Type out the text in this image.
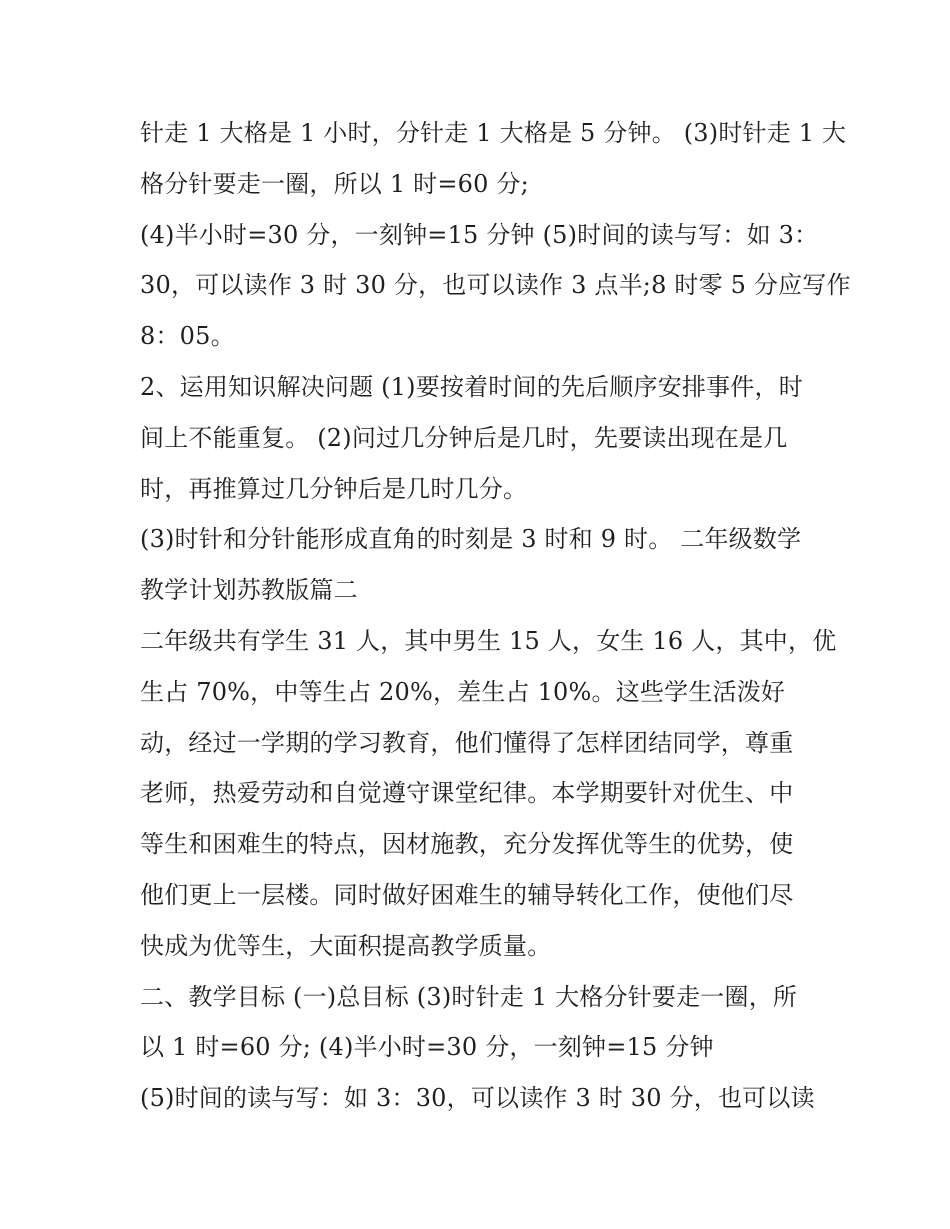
针走 1 大格是 1 小时，分针走 1 大格是 5 分钟。 (3)时针走 1 大
格分针要走一圈，所以 1 时=60 分;
(4)半小时=30 分，一刻钟=15 分钟 (5)时间的读与写：如 3：
30，可以读作 3 时 30 分，也可以读作 3 点半;8 时零 5 分应写作
8：05。
2、运用知识解决问题 (1)要按着时间的先后顺序安排事件，时
间上不能重复。 (2)问过几分钟后是几时，先要读出现在是几
时，再推算过几分钟后是几时几分。
(3)时针和分针能形成直角的时刻是 3 时和 9 时。 二年级数学
教学计划苏教版篇二
二年级共有学生 31 人，其中男生 15 人，女生 16 人，其中，优
生占 70%，中等生占 20%，差生占 10%。这些学生活泼好
动，经过一学期的学习教育，他们懂得了怎样团结同学，尊重
老师，热爱劳动和自觉遵守课堂纪律。本学期要针对优生、中
等生和困难生的特点，因材施教，充分发挥优等生的优势，使
他们更上一层楼。同时做好困难生的辅导转化工作，使他们尽
快成为优等生，大面积提高教学质量。
二、教学目标 (一)总目标 (3)时针走 1 大格分针要走一圈，所
以 1 时=60 分; (4)半小时=30 分，一刻钟=15 分钟
(5)时间的读与写：如 3：30，可以读作 3 时 30 分，也可以读
